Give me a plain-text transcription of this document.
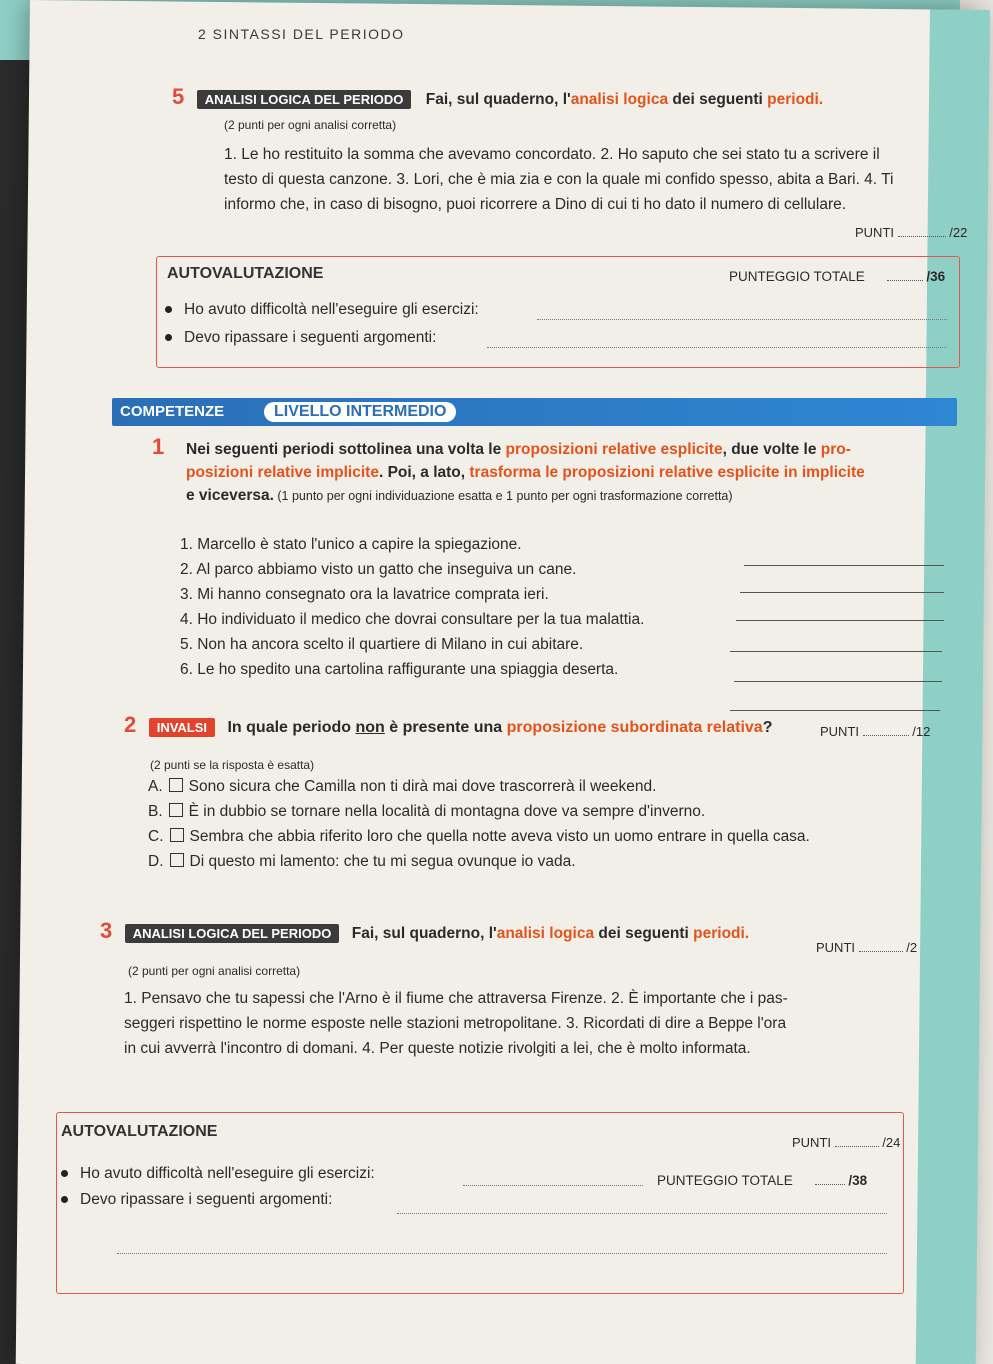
2 SINTASSI DEL PERIODO
5 ANALISI LOGICA DEL PERIODO Fai, sul quaderno, l'analisi logica dei seguenti periodi.
(2 punti per ogni analisi corretta)
1. Le ho restituito la somma che avevamo concordato. 2. Ho saputo che sei stato tu a scrivere il
testo di questa canzone. 3. Lori, che è mia zia e con la quale mi confido spesso, abita a Bari. 4. Ti
informo che, in caso di bisogno, puoi ricorrere a Dino di cui ti ho dato il numero di cellulare.
PUNTI	/22
AUTOVALUTAZIONE	PUNTEGGIO TOTALE	/36
Ho avuto difficoltà nell'eseguire gli esercizi:
Devo ripassare i seguenti argomenti:
COMPETENZE	LIVELLO INTERMEDIO
1 Nei seguenti periodi sottolinea una volta le proposizioni relative esplicite, due volte le pro-
posizioni relative implicite. Poi, a lato, trasforma le proposizioni relative esplicite in implicite
e viceversa. (1 punto per ogni individuazione esatta e 1 punto per ogni trasformazione corretta)
1. Marcello è stato l'unico a capire la spiegazione.
2. Al parco abbiamo visto un gatto che inseguiva un cane.
3. Mi hanno consegnato ora la lavatrice comprata ieri.
4. Ho individuato il medico che dovrai consultare per la tua malattia.
5. Non ha ancora scelto il quartiere di Milano in cui abitare.
6. Le ho spedito una cartolina raffigurante una spiaggia deserta.
PUNTI	/12
2 INVALSI In quale periodo non è presente una proposizione subordinata relativa?
(2 punti se la risposta è esatta)
A. Sono sicura che Camilla non ti dirà mai dove trascorrerà il weekend.
B. È in dubbio se tornare nella località di montagna dove va sempre d'inverno.
C. Sembra che abbia riferito loro che quella notte aveva visto un uomo entrare in quella casa.
D. Di questo mi lamento: che tu mi segua ovunque io vada.
3 ANALISI LOGICA DEL PERIODO Fai, sul quaderno, l'analisi logica dei seguenti periodi.
PUNTI	/2
(2 punti per ogni analisi corretta)
1. Pensavo che tu sapessi che l'Arno è il fiume che attraversa Firenze. 2. È importante che i pas-
seggeri rispettino le norme esposte nelle stazioni metropolitane. 3. Ricordati di dire a Beppe l'ora
in cui avverrà l'incontro di domani. 4. Per queste notizie rivolgiti a lei, che è molto informata.
AUTOVALUTAZIONE
PUNTI	/24
Ho avuto difficoltà nell'eseguire gli esercizi:	PUNTEGGIO TOTALE	/38
Devo ripassare i seguenti argomenti:
